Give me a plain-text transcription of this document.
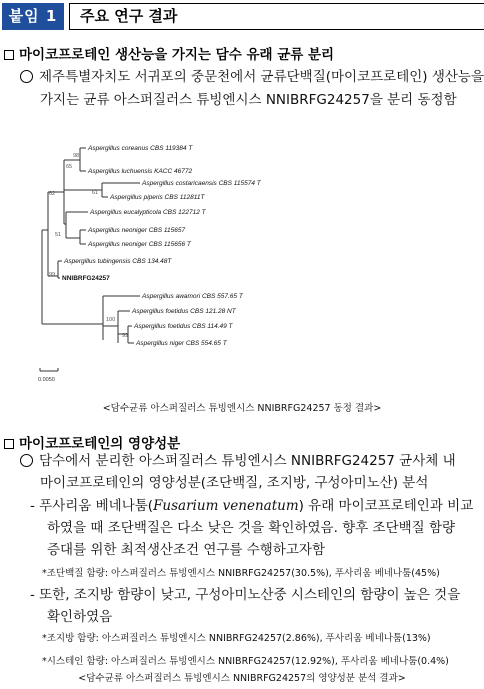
붙임 1	주요 연구 결과
마이코프로테인 생산능을 가지는 담수 유래 균류 분리
제주특별자치도 서귀포의 중문천에서 균류단백질(마이코프로테인) 생산능을
가지는 균류 아스퍼질러스 튜빙엔시스 NNIBRFG24257을 분리 동정함
Aspergillus coreanus CBS 119384 T
Aspergillus luchuensis KACC 46772
Aspergillus costaricaensis CBS 115574 T
Aspergillus piperis CBS 112811T
Aspergillus eucalypticola CBS 122712 T
Aspergillus neoniger CBS 115657
Aspergillus neoniger CBS 115656 T
Aspergillus tubingensis CBS 134.48T
NNIBRFG24257
Aspergillus awamori CBS 557.65 T
Aspergillus foetidus CBS 121.28 NT
Aspergillus foetidus CBS 114.49 T
Aspergillus niger CBS 554.65 T
98
65
61
62
51
99
100
99
0.0050
<담수균류 아스퍼질러스 튜빙엔시스 NNIBRFG24257 동정 결과>
마이코프로테인의 영양성분
담수에서 분리한 아스퍼질러스 튜빙엔시스 NNIBRFG24257 균사체 내
마이코프로테인의 영양성분(조단백질, 조지방, 구성아미노산) 분석
- 푸사리움 베네나툼(Fusarium venenatum) 유래 마이코프로테인과 비교
하였을 때 조단백질은 다소 낮은 것을 확인하였음. 향후 조단백질 함량
증대를 위한 최적생산조건 연구를 수행하고자함
*조단백질 함량: 아스퍼질러스 튜빙엔시스 NNIBRFG24257(30.5%), 푸사리움 베네나툼(45%)
- 또한, 조지방 함량이 낮고, 구성아미노산중 시스테인의 함량이 높은 것을
확인하였음
*조지방 함량: 아스퍼질러스 튜빙엔시스 NNIBRFG24257(2.86%), 푸사리움 베네나툼(13%)
*시스테인 함량: 아스퍼질러스 튜빙엔시스 NNIBRFG24257(12.92%), 푸사리움 베네나툼(0.4%)
<담수균류 아스퍼질러스 튜빙엔시스 NNIBRFG24257의 영양성분 분석 결과>
